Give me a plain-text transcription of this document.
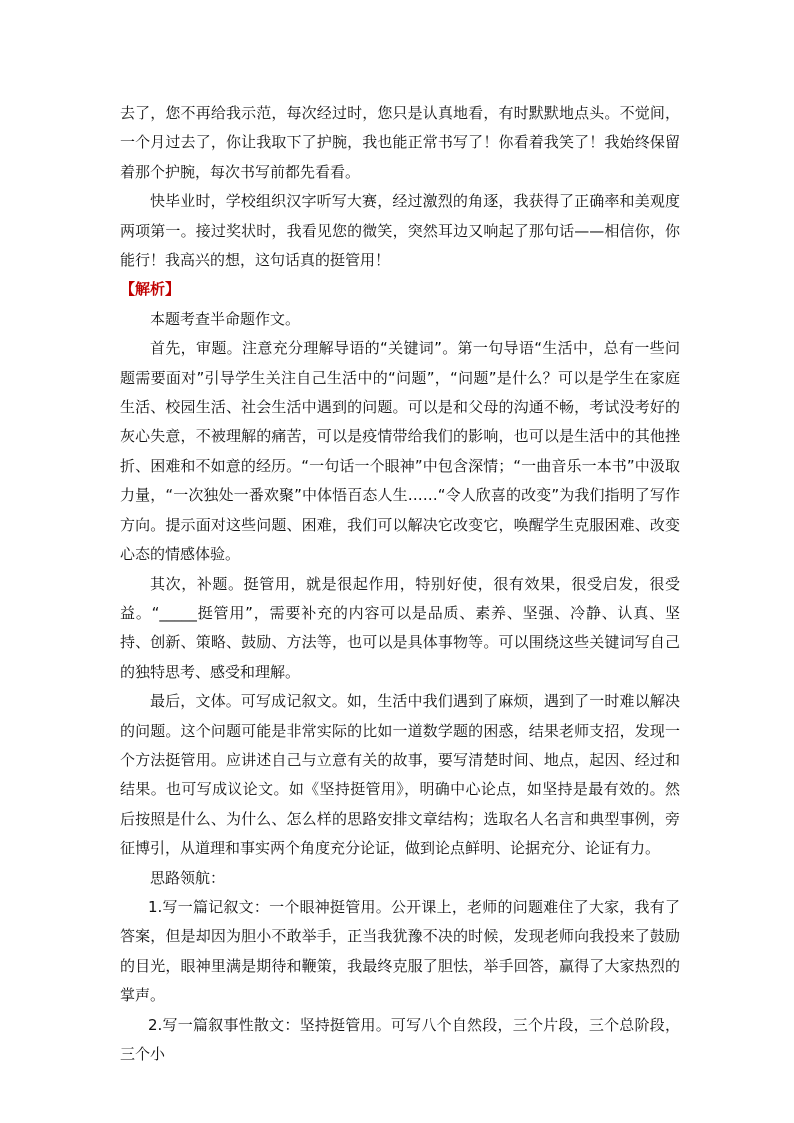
去了，您不再给我示范，每次经过时，您只是认真地看，有时默默地点头。不觉间，一个月过去了，你让我取下了护腕，我也能正常书写了！你看着我笑了！我始终保留着那个护腕，每次书写前都先看看。

快毕业时，学校组织汉字听写大赛，经过激烈的角逐，我获得了正确率和美观度两项第一。接过奖状时，我看见您的微笑，突然耳边又响起了那句话——相信你，你能行！我高兴的想，这句话真的挺管用！

【解析】

本题考查半命题作文。

首先，审题。注意充分理解导语的“关键词”。第一句导语“生活中，总有一些问题需要面对”引导学生关注自己生活中的“问题”，“问题”是什么？可以是学生在家庭生活、校园生活、社会生活中遇到的问题。可以是和父母的沟通不畅，考试没考好的灰心失意，不被理解的痛苦，可以是疫情带给我们的影响，也可以是生活中的其他挫折、困难和不如意的经历。“一句话一个眼神”中包含深情；“一曲音乐一本书”中汲取力量，“一次独处一番欢聚”中体悟百态人生……“令人欣喜的改变”为我们指明了写作方向。提示面对这些问题、困难，我们可以解决它改变它，唤醒学生克服困难、改变心态的情感体验。

其次，补题。挺管用，就是很起作用，特别好使，很有效果，很受启发，很受益。“_____挺管用”，需要补充的内容可以是品质、素养、坚强、冷静、认真、坚持、创新、策略、鼓励、方法等，也可以是具体事物等。可以围绕这些关键词写自己的独特思考、感受和理解。

最后，文体。可写成记叙文。如，生活中我们遇到了麻烦，遇到了一时难以解决的问题。这个问题可能是非常实际的比如一道数学题的困惑，结果老师支招，发现一个方法挺管用。应讲述自己与立意有关的故事，要写清楚时间、地点，起因、经过和结果。也可写成议论文。如《坚持挺管用》，明确中心论点，如坚持是最有效的。然后按照是什么、为什么、怎么样的思路安排文章结构；选取名人名言和典型事例，旁征博引，从道理和事实两个角度充分论证，做到论点鲜明、论据充分、论证有力。

思路领航：

1.写一篇记叙文：一个眼神挺管用。公开课上，老师的问题难住了大家，我有了答案，但是却因为胆小不敢举手，正当我犹豫不决的时候，发现老师向我投来了鼓励的目光，眼神里满是期待和鞭策，我最终克服了胆怯，举手回答，赢得了大家热烈的掌声。

2.写一篇叙事性散文：坚持挺管用。可写八个自然段，三个片段，三个总阶段，三个小
